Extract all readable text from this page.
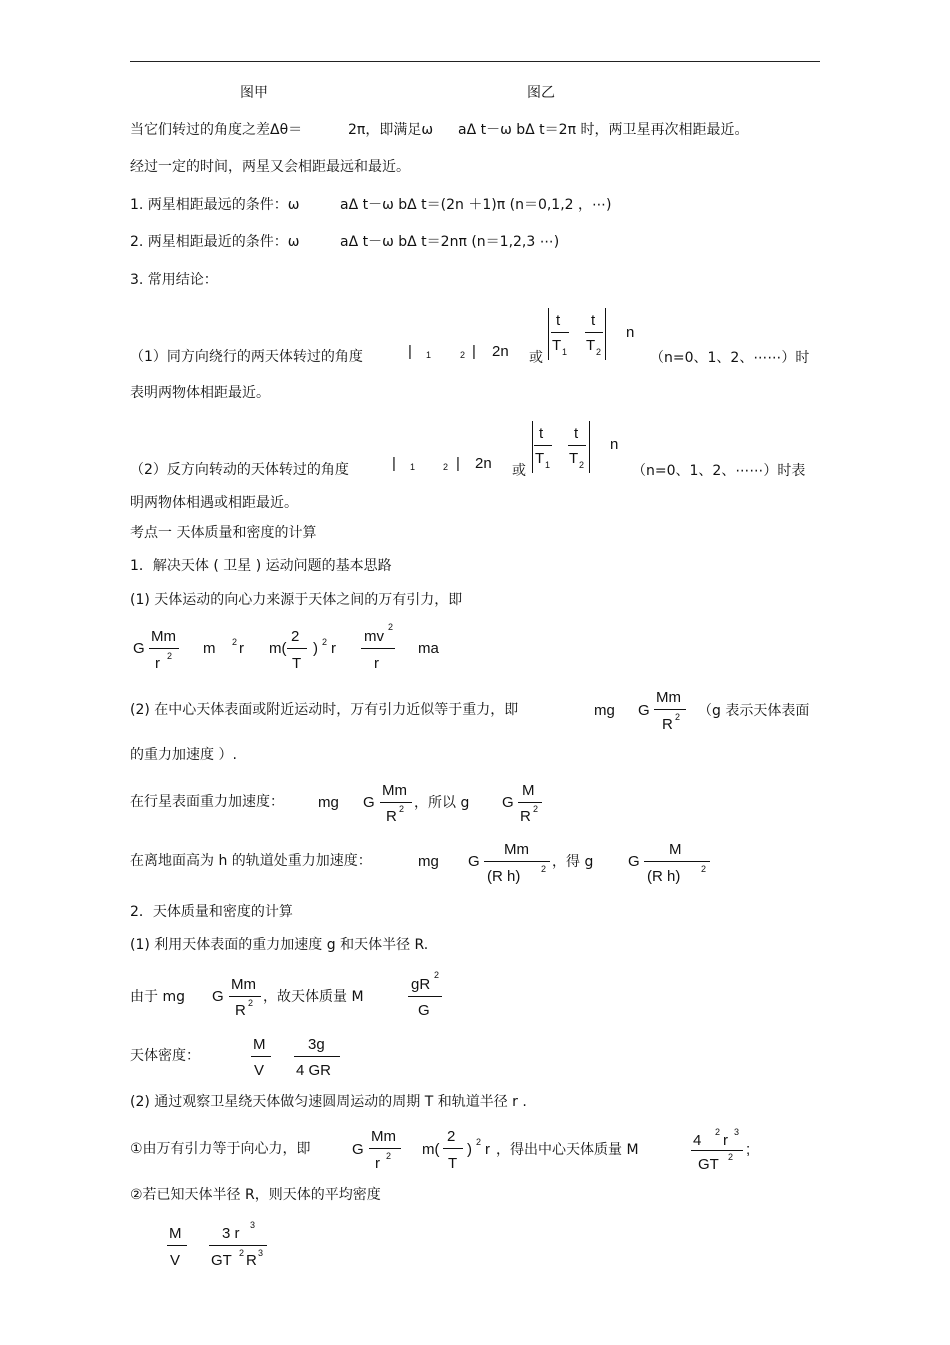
图甲	图乙
当它们转过的角度之差Δθ＝	2π，即满足ω aΔ t－ω bΔ t＝2π 时，两卫星再次相距最近。
经过一定的时间，两星又会相距最远和最近。
1. 两星相距最远的条件：ω	aΔ t－ω bΔ t＝(2n ＋1)π (n＝0,1,2 ，⋯)
2. 两星相距最近的条件：ω	aΔ t－ω bΔ t＝2nπ (n＝1,2,3 ⋯)
3. 常用结论：
（1）同方向绕行的两天体转过的角度	| 1	2 | 2n 或
t
T 1
t
T 2
n
（n=0、1、2、⋯⋯）时
表明两物体相距最近。
（2）反方向转动的天体转过的角度	| 1	2 | 2n 或
t
T 1
t
T 2
n
（n=0、1、2、⋯⋯）时表
明两物体相遇或相距最近。
考点一 天体质量和密度的计算
1．解决天体 ( 卫星 ) 运动问题的基本思路
(1) 天体运动的向心力来源于天体之间的万有引力，即
G
Mm
r 2 m 2 r m(
2
T
) 2 r
mv
2
r
ma
(2) 在中心天体表面或附近运动时，万有引力近似等于重力，即	mg G
Mm
R 2 （g 表示天体表面
的重力加速度 ）.
在行星表面重力加速度： mg G
Mm
R 2 ，所以 g G
M
R 2
在离地面高为 h 的轨道处重力加速度：	mg G
Mm
(R h) 2 ，得 g G
M
(R h) 2
2．天体质量和密度的计算
(1) 利用天体表面的重力加速度 g 和天体半径 R.
由于 mg G
Mm
R 2 ，故天体质量 M
gR
2
G
天体密度：
M
V
3g
4 GR
(2) 通过观察卫星绕天体做匀速圆周运动的周期 T 和轨道半径 r .
①由万有引力等于向心力，即	G
Mm
r 2 m(
2
T
) 2 r ，得出中心天体质量 M
4 2 r 3
GT 2 ;
②若已知天体半径 R，则天体的平均密度
M
V
3 r 3
GT 2 R 3
